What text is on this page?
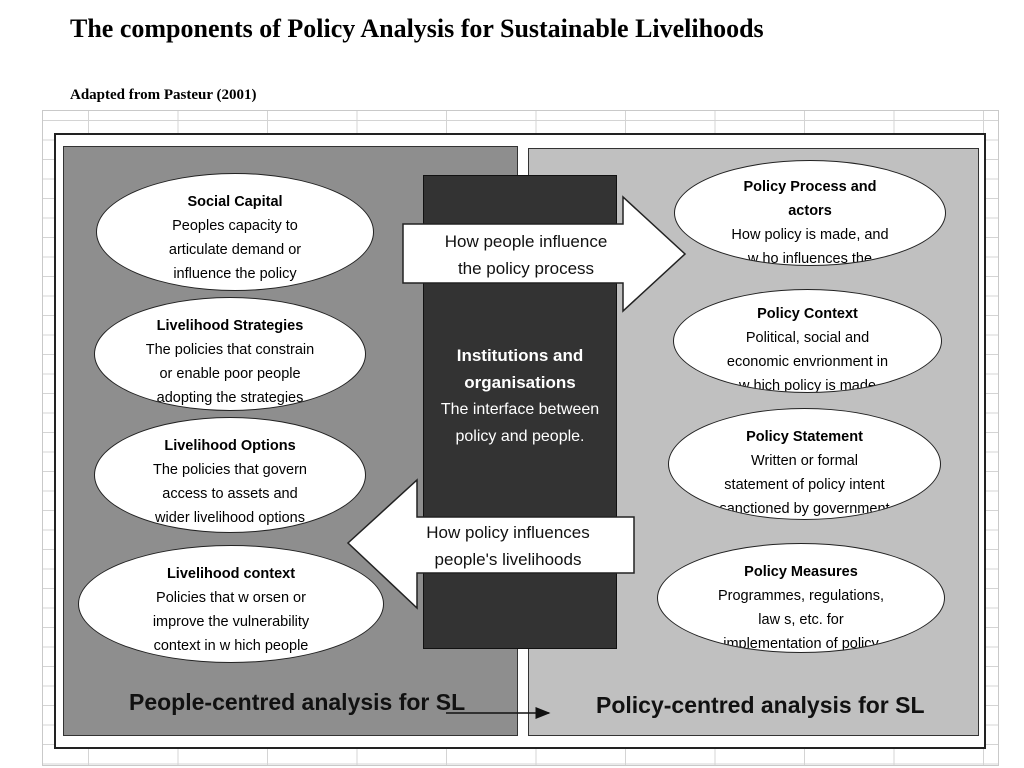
The components of Policy Analysis for Sustainable Livelihoods
Adapted from Pasteur (2001)
Institutions and
organisations
The interface between
policy and people.
Social Capital
Peoples capacity to
articulate demand or
influence the policy
Livelihood Strategies
The policies that constrain
or enable poor people
adopting the strategies
Livelihood Options
The policies that govern
access to assets and
wider livelihood options
Livelihood context
Policies that w orsen or
improve the vulnerability
context in w hich people
Policy Process and
actors
How policy is made, and
w ho influences the
Policy Context
Political, social and
economic envrionment in
w hich policy is made
Policy Statement
Written or formal
statement of policy intent
sanctioned by government
Policy Measures
Programmes, regulations,
law s, etc. for
implementation of policy
How people influence
the policy process
How policy influences
people's livelihoods
People-centred analysis for SL	Policy-centred analysis for SL
